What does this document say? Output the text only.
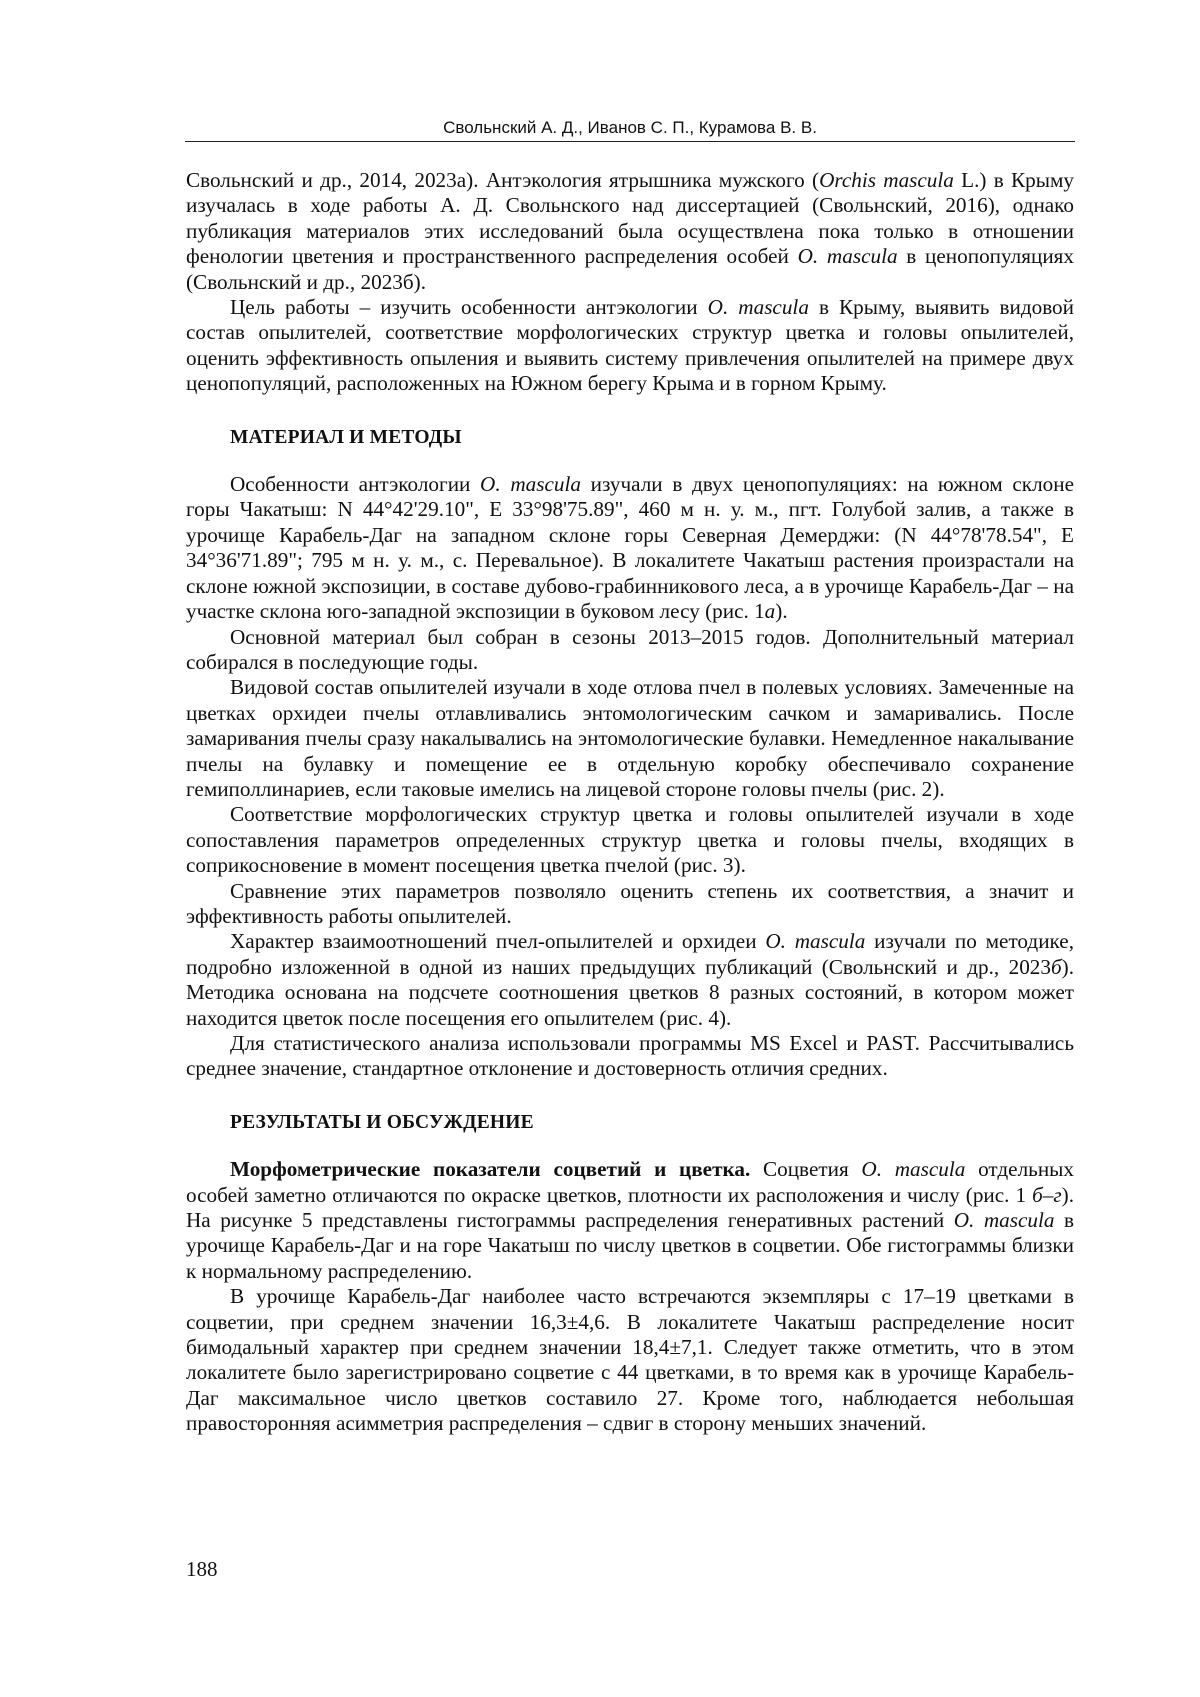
Свольнский А. Д., Иванов С. П., Курамова В. В.

Свольнский и др., 2014, 2023а). Антэкология ятрышника мужского (Orchis mascula L.) в Крыму изучалась в ходе работы А. Д. Свольнского над диссертацией (Свольнский, 2016), однако публикация материалов этих исследований была осуществлена пока только в отношении фенологии цветения и пространственного распределения особей O. mascula в ценопопуляциях (Свольнский и др., 2023б).

Цель работы – изучить особенности антэкологии O. mascula в Крыму, выявить видовой состав опылителей, соответствие морфологических структур цветка и головы опылителей, оценить эффективность опыления и выявить систему привлечения опылителей на примере двух ценопопуляций, расположенных на Южном берегу Крыма и в горном Крыму.

МАТЕРИАЛ И МЕТОДЫ

Особенности антэкологии O. mascula изучали в двух ценопопуляциях: на южном склоне горы Чакатыш: N 44°42'29.10", E 33°98'75.89", 460 м н. у. м., пгт. Голубой залив, а также в урочище Карабель-Даг на западном склоне горы Северная Демерджи: (N 44°78'78.54", E 34°36'71.89"; 795 м н. у. м., с. Перевальное). В локалитете Чакатыш растения произрастали на склоне южной экспозиции, в составе дубово-грабинникового леса, а в урочище Карабель-Даг – на участке склона юго-западной экспозиции в буковом лесу (рис. 1а).

Основной материал был собран в сезоны 2013–2015 годов. Дополнительный материал собирался в последующие годы.

Видовой состав опылителей изучали в ходе отлова пчел в полевых условиях. Замеченные на цветках орхидеи пчелы отлавливались энтомологическим сачком и замаривались. После замаривания пчелы сразу накалывались на энтомологические булавки. Немедленное накалывание пчелы на булавку и помещение ее в отдельную коробку обеспечивало сохранение гемиполлинариев, если таковые имелись на лицевой стороне головы пчелы (рис. 2).

Соответствие морфологических структур цветка и головы опылителей изучали в ходе сопоставления параметров определенных структур цветка и головы пчелы, входящих в соприкосновение в момент посещения цветка пчелой (рис. 3).

Сравнение этих параметров позволяло оценить степень их соответствия, а значит и эффективность работы опылителей.

Характер взаимоотношений пчел-опылителей и орхидеи O. mascula изучали по методике, подробно изложенной в одной из наших предыдущих публикаций (Свольнский и др., 2023б). Методика основана на подсчете соотношения цветков 8 разных состояний, в котором может находится цветок после посещения его опылителем (рис. 4).

Для статистического анализа использовали программы MS Excel и PAST. Рассчитывались среднее значение, стандартное отклонение и достоверность отличия средних.

РЕЗУЛЬТАТЫ И ОБСУЖДЕНИЕ

Морфометрические показатели соцветий и цветка. Соцветия O. mascula отдельных особей заметно отличаются по окраске цветков, плотности их расположения и числу (рис. 1 б–г). На рисунке 5 представлены гистограммы распределения генеративных растений O. mascula в урочище Карабель-Даг и на горе Чакатыш по числу цветков в соцветии. Обе гистограммы близки к нормальному распределению.

В урочище Карабель-Даг наиболее часто встречаются экземпляры с 17–19 цветками в соцветии, при среднем значении 16,3±4,6. В локалитете Чакатыш распределение носит бимодальный характер при среднем значении 18,4±7,1. Следует также отметить, что в этом локалитете было зарегистрировано соцветие с 44 цветками, в то время как в урочище Карабель-Даг максимальное число цветков составило 27. Кроме того, наблюдается небольшая правосторонняя асимметрия распределения – сдвиг в сторону меньших значений.

188
